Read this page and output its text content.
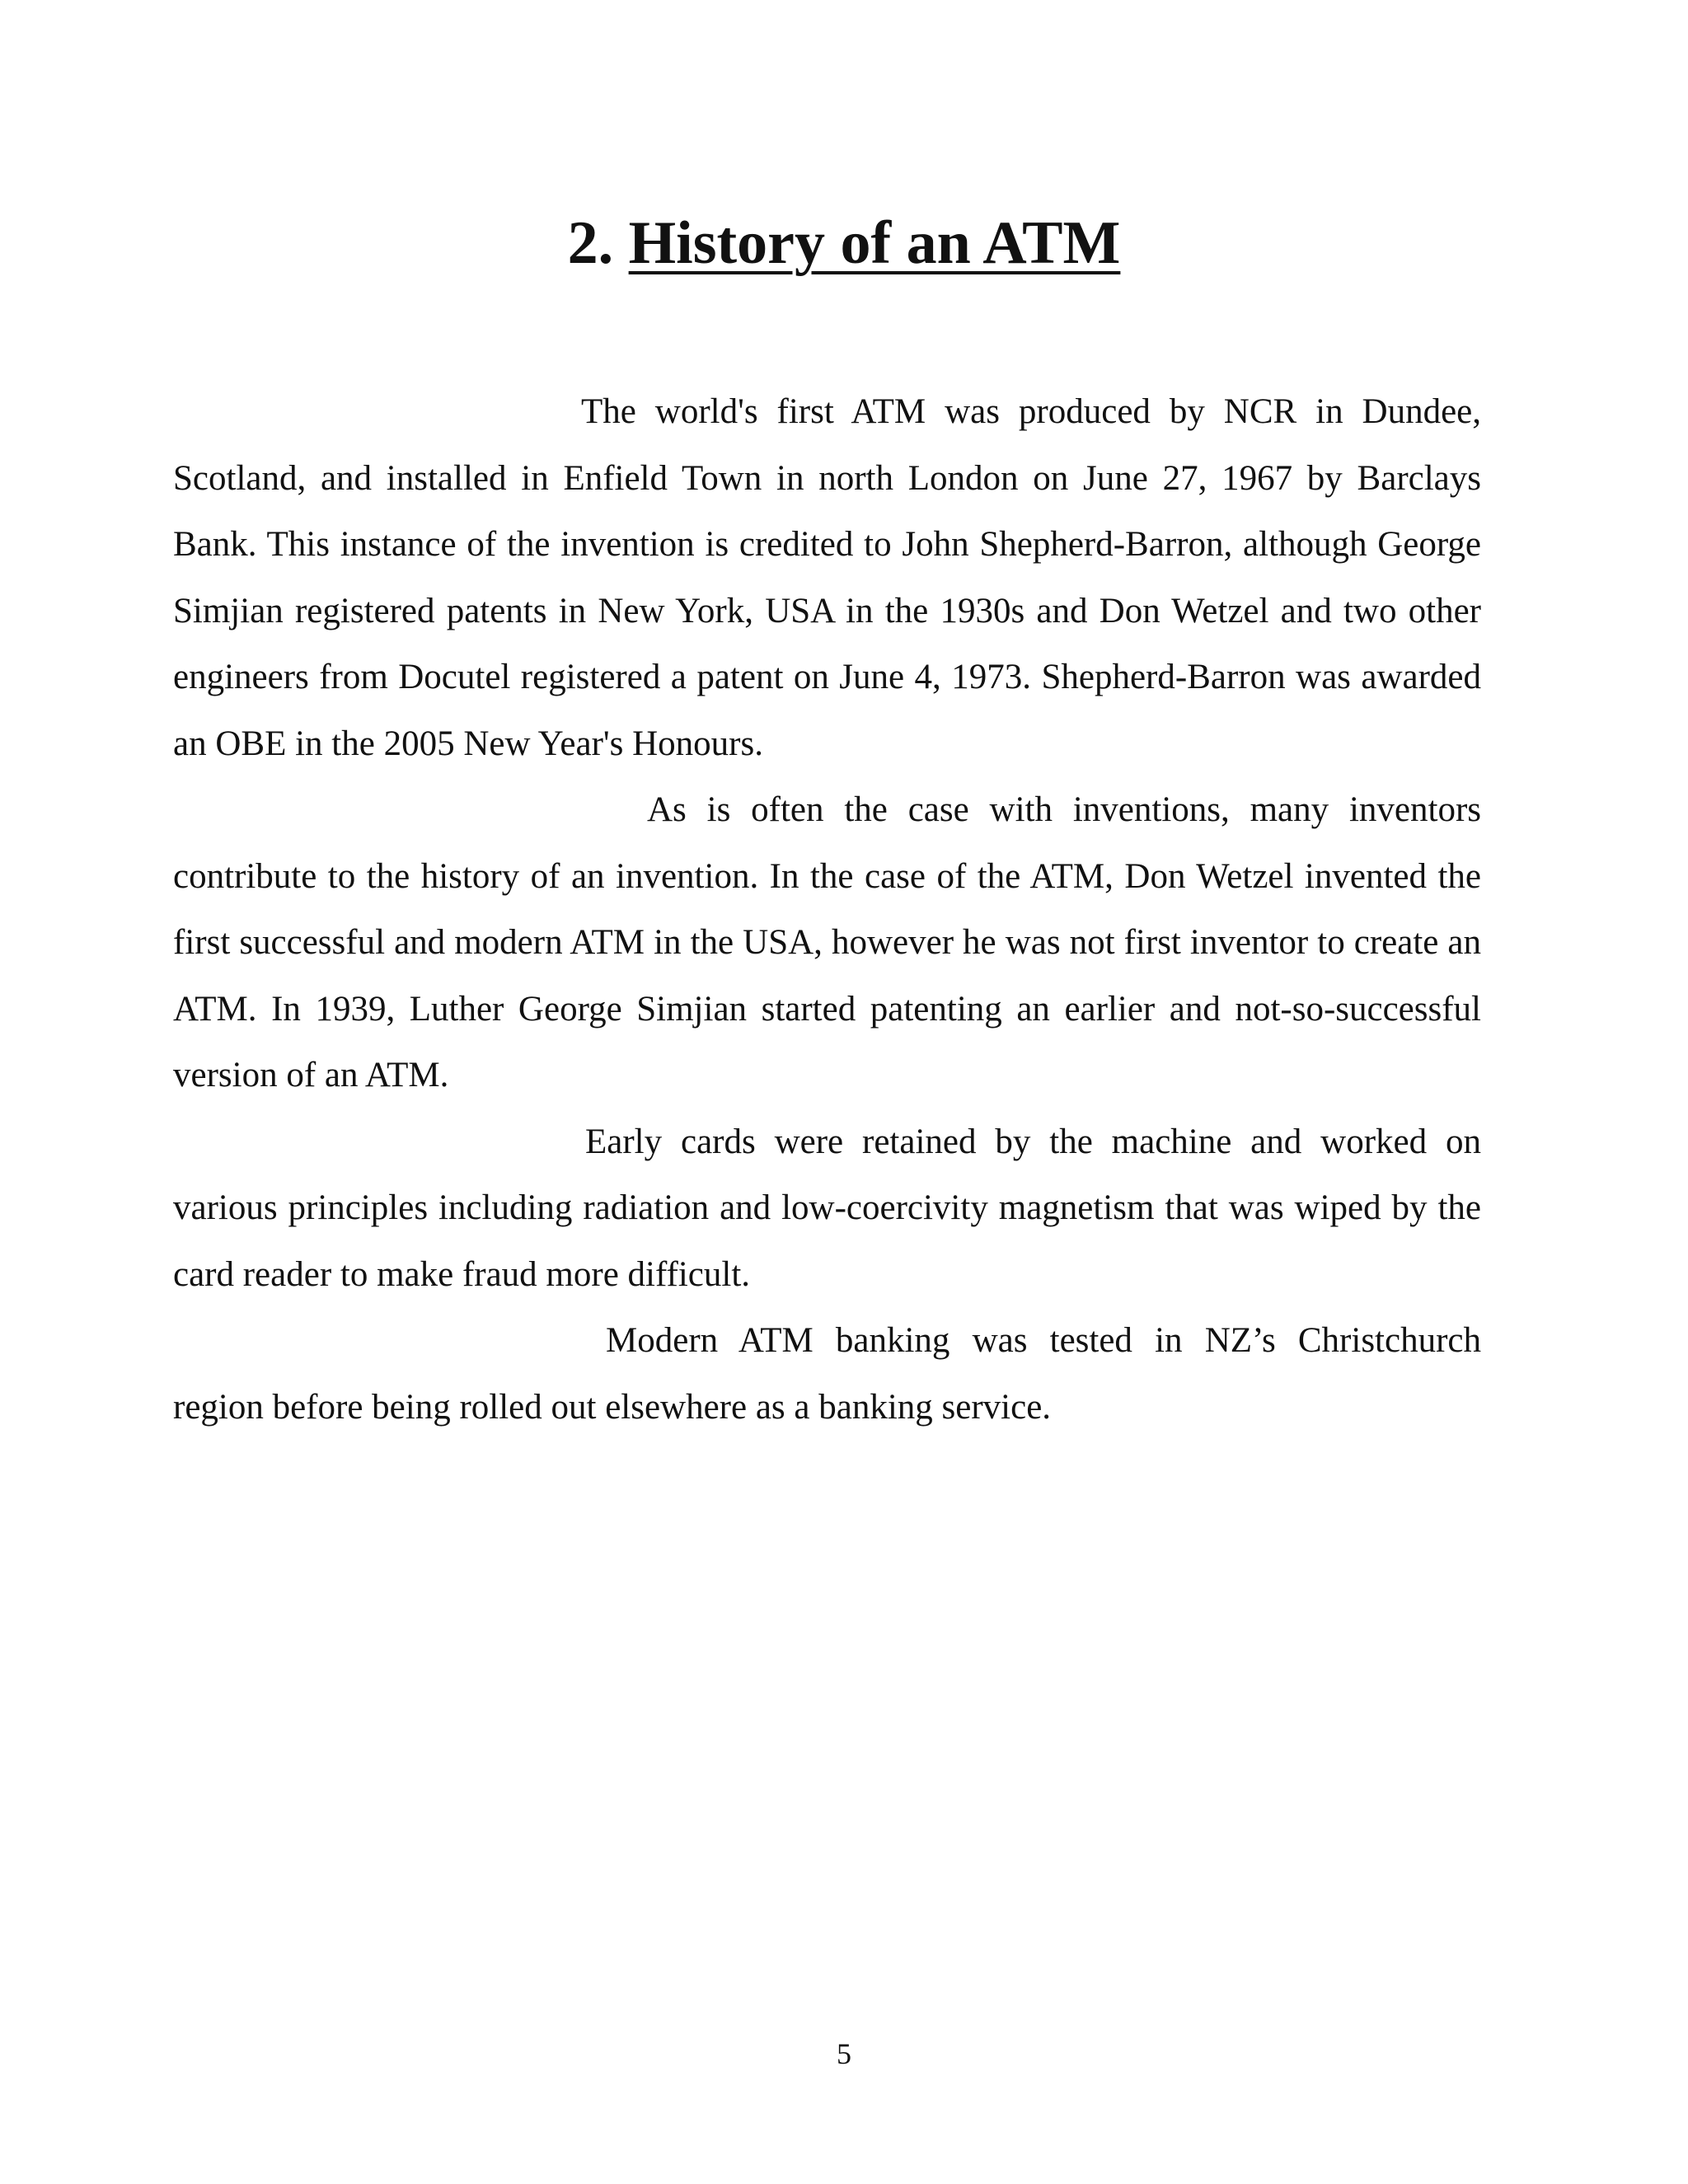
2. History of an ATM

The world's first ATM was produced by NCR in Dundee, Scotland, and installed in Enfield Town in north London on June 27, 1967 by Barclays Bank. This instance of the invention is credited to John Shepherd-Barron, although George Simjian registered patents in New York, USA in the 1930s and Don Wetzel and two other engineers from Docutel registered a patent on June 4, 1973. Shepherd-Barron was awarded an OBE in the 2005 New Year's Honours.

As is often the case with inventions, many inventors contribute to the history of an invention. In the case of the ATM, Don Wetzel invented the first successful and modern ATM in the USA, however he was not first inventor to create an ATM. In 1939, Luther George Simjian started patenting an earlier and not-so-successful version of an ATM.

Early cards were retained by the machine and worked on various principles including radiation and low-coercivity magnetism that was wiped by the card reader to make fraud more difficult.

Modern ATM banking was tested in NZ’s Christchurch region before being rolled out elsewhere as a banking service.

5
